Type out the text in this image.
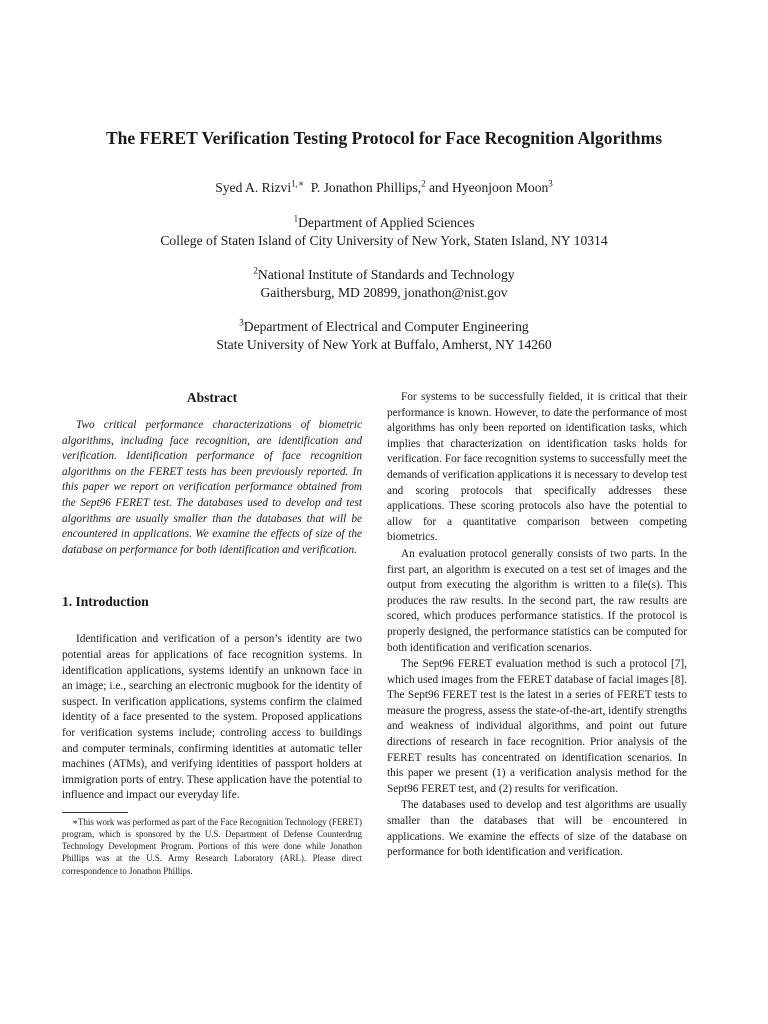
The FERET Verification Testing Protocol for Face Recognition Algorithms
Syed A. Rizvi$^{1,∗}$ P. Jonathon Phillips,$^2$ and Hyeonjoon Moon$^3$
$^1$Department of Applied Sciences
College of Staten Island of City University of New York, Staten Island, NY 10314
$^2$National Institute of Standards and Technology
Gaithersburg, MD 20899, jonathon@nist.gov
$^3$Department of Electrical and Computer Engineering
State University of New York at Buffalo, Amherst, NY 14260
Abstract

Two critical performance characterizations of biometric algorithms, including face recognition, are identification and verification. Identification performance of face recognition algorithms on the FERET tests has been previously reported. In this paper we report on verification performance obtained from the Sept96 FERET test. The databases used to develop and test algorithms are usually smaller than the databases that will be encountered in applications. We examine the effects of size of the database on performance for both identification and verification.

1. Introduction

Identification and verification of a person’s identity are two potential areas for applications of face recognition systems. In identification applications, systems identify an unknown face in an image; i.e., searching an electronic mugbook for the identity of suspect. In verification applications, systems confirm the claimed identity of a face presented to the system. Proposed applications for verification systems include; controling access to buildings and computer terminals, confirming identities at automatic teller machines (ATMs), and verifying identities of passport holders at immigration ports of entry. These application have the potential to influence and impact our everyday life.

∗This work was performed as part of the Face Recognition Technology (FERET) program, which is sponsored by the U.S. Department of Defense Counterdrug Technology Development Program. Portions of this were done while Jonathon Phillips was at the U.S. Army Research Laboratory (ARL). Please direct correspondence to Jonathon Phillips.

For systems to be successfully fielded, it is critical that their performance is known. However, to date the performance of most algorithms has only been reported on identification tasks, which implies that characterization on identification tasks holds for verification. For face recognition systems to successfully meet the demands of verification applications it is necessary to develop test and scoring protocols that specifically addresses these applications. These scoring protocols also have the potential to allow for a quantitative comparison between competing biometrics.

An evaluation protocol generally consists of two parts. In the first part, an algorithm is executed on a test set of images and the output from executing the algorithm is written to a file(s). This produces the raw results. In the second part, the raw results are scored, which produces performance statistics. If the protocol is properly designed, the performance statistics can be computed for both identification and verification scenarios.

The Sept96 FERET evaluation method is such a protocol [7], which used images from the FERET database of facial images [8]. The Sept96 FERET test is the latest in a series of FERET tests to measure the progress, assess the state-of-the-art, identify strengths and weakness of individual algorithms, and point out future directions of research in face recognition. Prior analysis of the FERET results has concentrated on identification scenarios. In this paper we present (1) a verification analysis method for the Sept96 FERET test, and (2) results for verification.

The databases used to develop and test algorithms are usually smaller than the databases that will be encountered in applications. We examine the effects of size of the database on performance for both identification and verification.
